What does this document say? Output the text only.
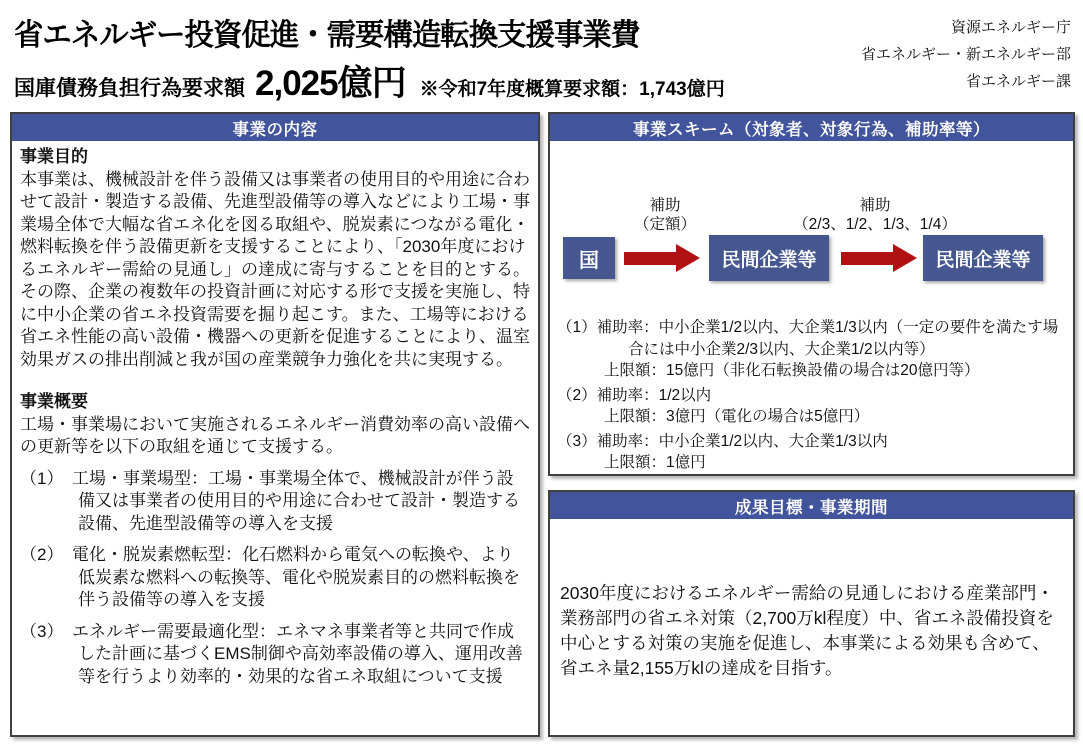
省エネルギー投資促進・需要構造転換支援事業費
国庫債務負担行為要求額 2,025億円 ※令和7年度概算要求額：1,743億円
資源エネルギー庁
省エネルギー・新エネルギー部
省エネルギー課
事業の内容
事業目的
本事業は、機械設計を伴う設備又は事業者の使用目的や用途に合わせて設計・製造する設備、先進型設備等の導入などにより工場・事業場全体で大幅な省エネ化を図る取組や、脱炭素につながる電化・燃料転換を伴う設備更新を支援することにより、「2030年度におけるエネルギー需給の見通し」の達成に寄与することを目的とする。その際、企業の複数年の投資計画に対応する形で支援を実施し、特に中小企業の省エネ投資需要を掘り起こす。また、工場等における省エネ性能の高い設備・機器への更新を促進することにより、温室効果ガスの排出削減と我が国の産業競争力強化を共に実現する。
事業概要
工場・事業場において実施されるエネルギー消費効率の高い設備への更新等を以下の取組を通じて支援する。
（1）　工場・事業場型：工場・事業場全体で、機械設計が伴う設備又は事業者の使用目的や用途に合わせて設計・製造する設備、先進型設備等の導入を支援
（2）　電化・脱炭素燃転型：化石燃料から電気への転換や、より低炭素な燃料への転換等、電化や脱炭素目的の燃料転換を伴う設備等の導入を支援
（3）　エネルギー需要最適化型：エネマネ事業者等と共同で作成した計画に基づくEMS制御や高効率設備の導入、運用改善等を行うより効率的・効果的な省エネ取組について支援
事業スキーム（対象者、対象行為、補助率等）
国
補助
（定額）
民間企業等
補助
（2/3、1/2、1/3、1/4）
民間企業等
（1）補助率：中小企業1/2以内、大企業1/3以内（一定の要件を満たす場合には中小企業2/3以内、大企業1/2以内等）
上限額：15億円（非化石転換設備の場合は20億円等）
（2）補助率：1/2以内
上限額：3億円（電化の場合は5億円）
（3）補助率：中小企業1/2以内、大企業1/3以内
上限額：1億円
成果目標・事業期間
2030年度におけるエネルギー需給の見通しにおける産業部門・業務部門の省エネ対策（2,700万kl程度）中、省エネ設備投資を中心とする対策の実施を促進し、本事業による効果も含めて、省エネ量2,155万klの達成を目指す。
